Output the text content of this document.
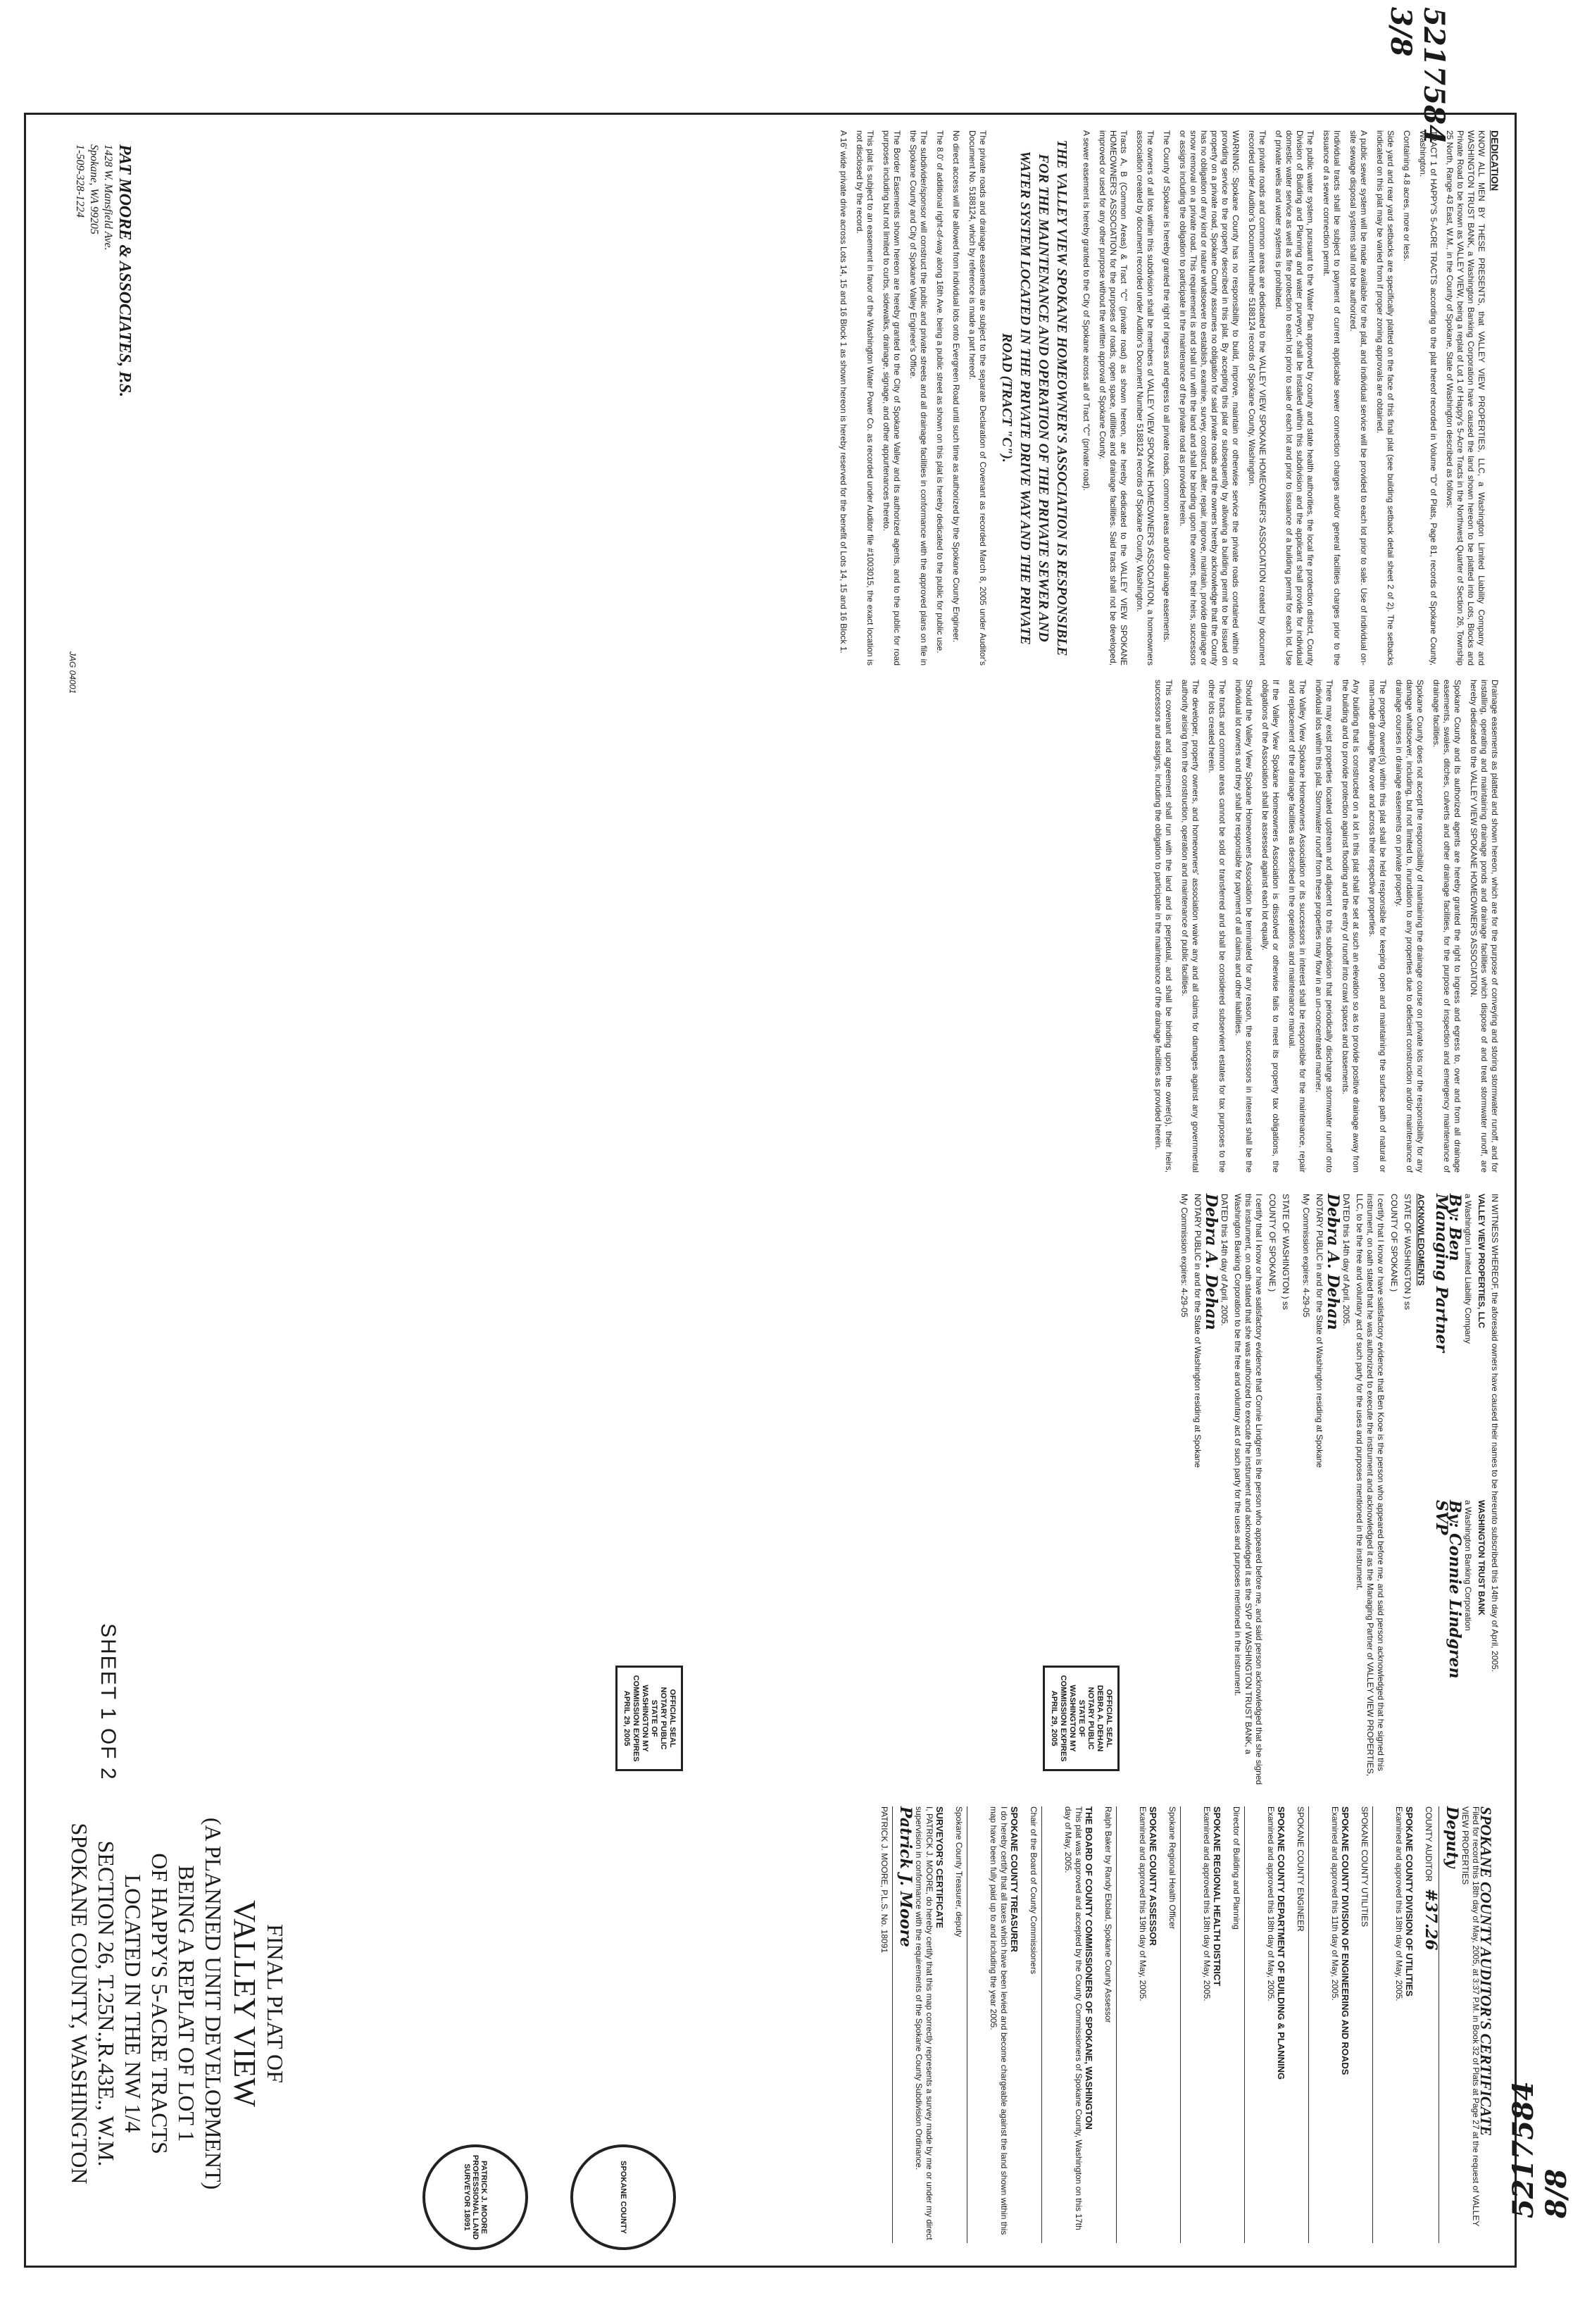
5217584 3/8
5217584 8/8
DEDICATION

KNOW ALL MEN BY THESE PRESENTS, that VALLEY VIEW PROPERTIES, LLC, a Washington Limited Liability Company and WASHINGTON TRUST BANK, a Washington Banking Corporation have caused the land shown hereon to be platted into Lots, Blocks and Private Road to be known as VALLEY VIEW, being a replat of Lot 1 of Happy's 5-Acre Tracts in the Northwest Quarter of Section 26, Township 25 North, Range 43 East, W.M., in the County of Spokane, State of Washington described as follows:

TRACT 1 of HAPPY'S 5-ACRE TRACTS according to the plat thereof recorded in Volume "D" of Plats, Page 81, records of Spokane County, Washington.

Containing 4.8 acres, more or less.

Side yard and rear yard setbacks are specifically platted on the face of this final plat (see building setback detail sheet 2 of 2). The setbacks indicated on this plat may be varied from if proper zoning approvals are obtained.

A public sewer system will be made available for the plat, and individual service will be provided to each lot prior to sale. Use of individual on-site sewage disposal systems shall not be authorized.

Individual tracts shall be subject to payment of current applicable sewer connection charges and/or general facilities charges prior to the issuance of a sewer connection permit.

The public water system, pursuant to the Water Plan approved by county and state health authorities, the local fire protection district, County Division of Building and Planning and water purveyor, shall be installed within this subdivision and the applicant shall provide for individual domestic water service as well as fire protection to each lot prior to sale of each lot and prior to issuance of a building permit for each lot. Use of private wells and water systems is prohibited.

The private roads and common areas are dedicated to the VALLEY VIEW SPOKANE HOMEOWNER'S ASSOCIATION created by document recorded under Auditor's Document Number 5188124 records of Spokane County, Washington.

WARNING: Spokane County has no responsibility to build, improve, maintain or otherwise service the private roads contained within or providing service to the property described in this plat. By accepting this plat or subsequently by allowing a building permit to be issued on property on a private road, Spokane County assumes no obligation for said private roads and the owners hereby acknowledge that the County has no obligation of any kind or nature whatsoever to establish, examine, survey, construct, alter, repair, improve, maintain, provide drainage or snow removal on a private road. This requirement is and shall run with the land and shall be binding upon the owners, their heirs, successors or assigns including the obligation to participate in the maintenance of the private road as provided herein.

The County of Spokane is hereby granted the right of ingress and egress to all private roads, common areas and/or drainage easements.

The owners of all lots within this subdivision shall be members of VALLEY VIEW SPOKANE HOMEOWNER'S ASSOCIATION, a homeowners association created by document recorded under Auditor's Document Number 5188124 records of Spokane County, Washington.

Tracts A, B (Common Areas) & Tract "C" (private road) as shown hereon, are hereby dedicated to the VALLEY VIEW SPOKANE HOMEOWNER'S ASSOCIATION for the purposes of roads, open space, utilities and drainage facilities. Said tracts shall not be developed, improved or used for any other purpose without the written approval of Spokane County.

A sewer easement is hereby granted to the City of Spokane across all of Tract "C" (private road).

THE VALLEY VIEW SPOKANE HOMEOWNER'S ASSOCIATION IS RESPONSIBLE FOR THE MAINTENANCE AND OPERATION OF THE PRIVATE SEWER AND WATER SYSTEM LOCATED IN THE PRIVATE DRIVE WAY AND THE PRIVATE ROAD (TRACT "C").

The private roads and drainage easements are subject to the separate Declaration of Covenant as recorded March 8, 2005 under Auditor's Document No. 5188124, which by reference is made a part hereof.

No direct access will be allowed from individual lots onto Evergreen Road until such time as authorized by the Spokane County Engineer.

The 8.0' of additional right-of-way along 16th Ave. being a public street as shown on this plat is hereby dedicated to the public for public use.

The subdivider/sponsor will construct the public and private streets and all drainage facilities in conformance with the approved plans on file in the Spokane County and City of Spokane Valley Engineer's Office.

The Border Easements shown hereon are hereby granted to the City of Spokane Valley and its authorized agents, and to the public for road purposes including but not limited to curbs, sidewalks, drainage, signage, and other appurtenances thereto.

This plat is subject to an easement in favor of the Washington Water Power Co. as recorded under Auditor file #1003015, the exact location is not disclosed by the record.

A 16' wide private drive across Lots 14, 15 and 16 Block 1 as shown hereon is hereby reserved for the benefit of Lots 14, 15 and 16 Block 1.

PAT MOORE & ASSOCIATES, P.S.
1428 W. Mansfield Ave.
Spokane, WA 99205
1-509-328-1224
JAG 04001

Drainage easements as platted and shown hereon, which are for the purpose of conveying and storing stormwater runoff, and for installing, operating and maintaining drainage ponds and drainage facilities which dispose of and treat stormwater runoff, are hereby dedicated to the VALLEY VIEW SPOKANE HOMEOWNER'S ASSOCIATION.

Spokane County and its authorized agents are hereby granted the right to ingress and egress to, over and from all drainage easements, swales, ditches, culverts and other drainage facilities, for the purpose of inspection and emergency maintenance of drainage facilities.

Spokane County does not accept the responsibility of maintaining the drainage course on private lots nor the responsibility for any damage whatsoever, including, but not limited to, inundation to any properties due to deficient construction and/or maintenance of drainage courses in drainage easements on private property.

The property owner(s) within this plat shall be held responsible for keeping open and maintaining the surface path of natural or man-made drainage flow over and across their respective properties.

Any building that is constructed on a lot in this plat shall be set at such an elevation so as to provide positive drainage away from the building and to provide protection against flooding and the entry of runoff into crawl spaces and basements.

There may exist properties located upstream and adjacent to this subdivision that periodically discharge stormwater runoff onto individual lots within this plat. Stormwater runoff from these properties may flow in an un-concentrated manner.

The Valley View Spokane Homeowners Association or its successors in interest shall be responsible for the maintenance, repair and replacement of the drainage facilities as described in the operations and maintenance manual.

If the Valley View Spokane Homeowners Association is dissolved or otherwise fails to meet its property tax obligations, the obligations of the Association shall be assessed against each lot equally.

Should the Valley View Spokane Homeowners Association be terminated for any reason, the successors in interest shall be the individual lot owners and they shall be responsible for payment of all claims and other liabilities.

The tracts and common areas cannot be sold or transferred and shall be considered subservient estates for tax purposes to the other lots created herein.

The developer, property owners, and homeowners' association waive any and all claims for damages against any governmental authority arising from the construction, operation and maintenance of public facilities.

This covenant and agreement shall run with the land and is perpetual, and shall be binding upon the owner(s), their heirs, successors and assigns, including the obligation to participate in the maintenance of the drainage facilities as provided herein.

IN WITNESS WHEREOF, the aforesaid owners have caused their names to be hereunto subscribed this 14th day of April, 2005.

VALLEY VIEW PROPERTIES, LLC

a Washington Limited Liability Company

By: Ben

Managing Partner

WASHINGTON TRUST BANK

a Washington Banking Corporation

By: Connie Lindgren

SVP

ACKNOWLEDGMENTS

STATE OF WASHINGTON ) ss

COUNTY OF SPOKANE )

I certify that I know or have satisfactory evidence that Ben Kooe is the person who appeared before me, and said person acknowledged that he signed this instrument, on oath stated that he was authorized to execute the instrument and acknowledged it as the Managing Partner of VALLEY VIEW PROPERTIES, LLC, to be the free and voluntary act of such party for the uses and purposes mentioned in the instrument.

DATED this 14th day of April, 2005.

Debra A. Dehan

NOTARY PUBLIC in and for the State of Washington residing at Spokane

My Commission expires: 4-29-05

STATE OF WASHINGTON ) ss

COUNTY OF SPOKANE )

I certify that I know or have satisfactory evidence that Connie Lindgren is the person who appeared before me, and said person acknowledged that she signed this instrument, on oath stated that she was authorized to execute the instrument and acknowledged it as the SVP of WASHINGTON TRUST BANK, a Washington Banking Corporation to be the free and voluntary act of such party for the uses and purposes mentioned in the instrument.

DATED this 14th day of April, 2005.

Debra A. Dehan

NOTARY PUBLIC in and for the State of Washington residing at Spokane

My Commission expires: 4-29-05

OFFICIAL SEAL DEBRA A. DEHAN NOTARY PUBLIC STATE OF WASHINGTON MY COMMISSION EXPIRES APRIL 29, 2005
OFFICIAL SEAL NOTARY PUBLIC STATE OF WASHINGTON MY COMMISSION EXPIRES APRIL 29, 2005
SPOKANE COUNTY AUDITOR'S CERTIFICATE
Filed for record this 18th day of May, 2005, at 3:37 P.M. in Book 32 of Plats at Page 27 at the request of VALLEY VIEW PROPERTIES
Deputy
COUNTY AUDITOR   #37.26
SPOKANE COUNTY DIVISION OF UTILITIES
Examined and approved this 18th day of May, 2005.
SPOKANE COUNTY UTILITIES
SPOKANE COUNTY DIVISION OF ENGINEERING AND ROADS
Examined and approved this 11th day of May, 2005.
SPOKANE COUNTY ENGINEER
SPOKANE COUNTY DEPARTMENT OF BUILDING & PLANNING
Examined and approved this 18th day of May, 2005.
Director of Building and Planning
SPOKANE REGIONAL HEALTH DISTRICT
Examined and approved this 18th day of May, 2005.
Spokane Regional Health Officer
SPOKANE COUNTY ASSESSOR
Examined and approved this 19th day of May, 2005.
Ralph Baker by Randy Ekblad, Spokane County Assessor
THE BOARD OF COUNTY COMMISSIONERS OF SPOKANE, WASHINGTON
This plat was approved and accepted by the County Commissioners of Spokane County, Washington on this 17th day of May, 2005.
Chair of the Board of County Commissioners
SPOKANE COUNTY TREASURER
I do hereby certify that all taxes which have been levied and become chargeable against the land shown within this map have been fully paid up to and including the year 2005.
Spokane County Treasurer, deputy
SURVEYOR'S CERTIFICATE
I, PATRICK J. MOORE, do hereby certify that this map correctly represents a survey made by me or under my direct supervision in conformance with the requirements of the Spokane County Subdivision Ordinance.
Patrick J. Moore
PATRICK J. MOORE, P.L.S. No. 18091
PATRICK J. MOORE PROFESSIONAL LAND SURVEYOR 18091	SPOKANE COUNTY
SHEET 1 OF 2
FINAL PLAT OF
VALLEY VIEW
(A PLANNED UNIT DEVELOPMENT)
BEING A REPLAT OF LOT 1
OF HAPPY'S 5-ACRE TRACTS
LOCATED IN THE NW 1/4
SECTION 26, T.25N.,R.43E., W.M.
SPOKANE COUNTY, WASHINGTON
